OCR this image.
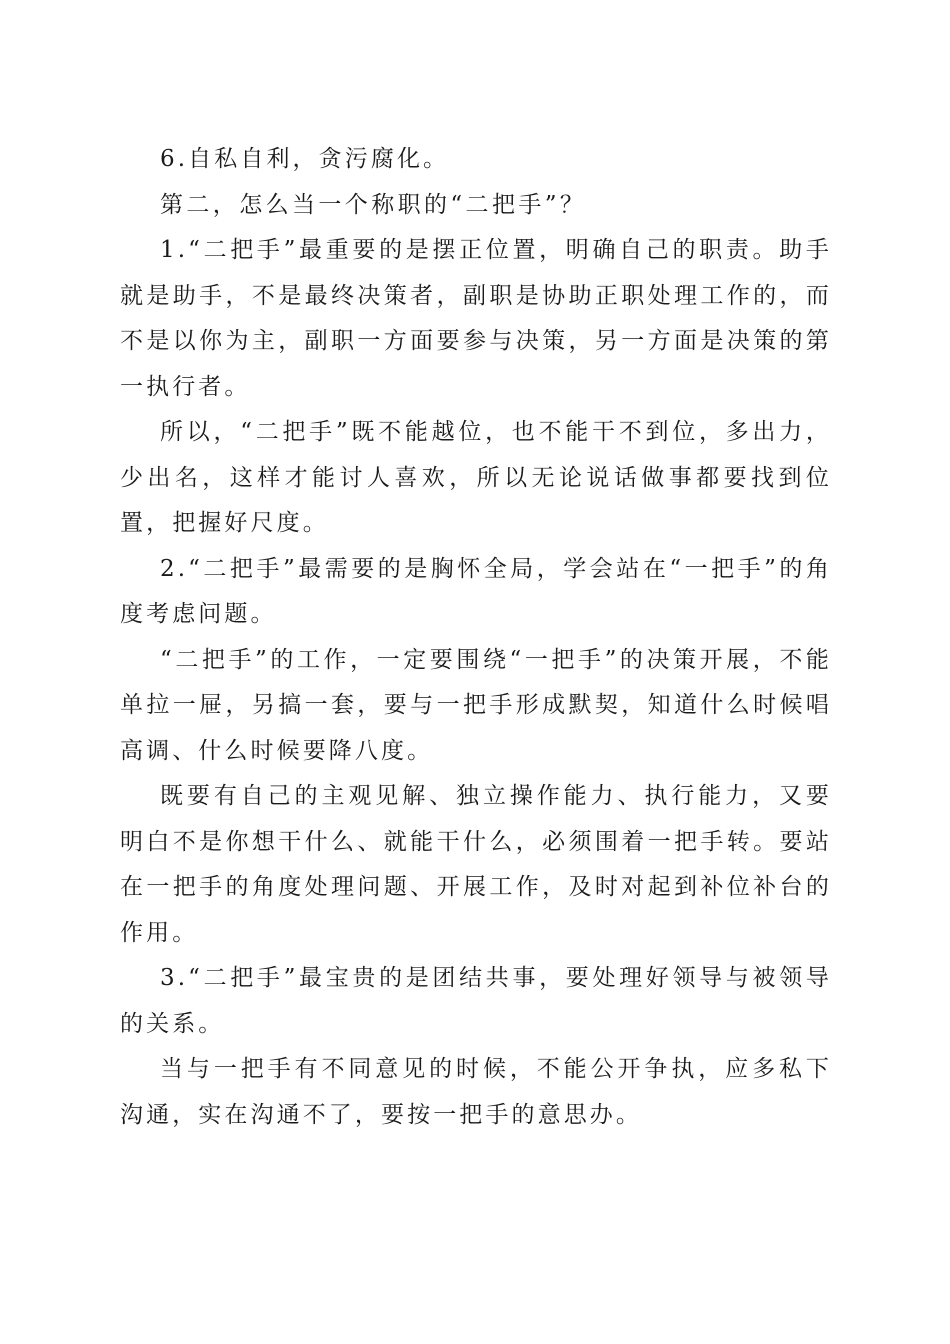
6.自私自利，贪污腐化。

第二，怎么当一个称职的“二把手”？

1.“二把手”最重要的是摆正位置，明确自己的职责。助手就是助手，不是最终决策者，副职是协助正职处理工作的，而不是以你为主，副职一方面要参与决策，另一方面是决策的第一执行者。

所以，“二把手”既不能越位，也不能干不到位，多出力，少出名，这样才能讨人喜欢，所以无论说话做事都要找到位置，把握好尺度。

2.“二把手”最需要的是胸怀全局，学会站在“一把手”的角度考虑问题。

“二把手”的工作，一定要围绕“一把手”的决策开展，不能单拉一屉，另搞一套，要与一把手形成默契，知道什么时候唱高调、什么时候要降八度。

既要有自己的主观见解、独立操作能力、执行能力，又要明白不是你想干什么、就能干什么，必须围着一把手转。要站在一把手的角度处理问题、开展工作，及时对起到补位补台的作用。

3.“二把手”最宝贵的是团结共事，要处理好领导与被领导的关系。

当与一把手有不同意见的时候，不能公开争执，应多私下沟通，实在沟通不了，要按一把手的意思办。
